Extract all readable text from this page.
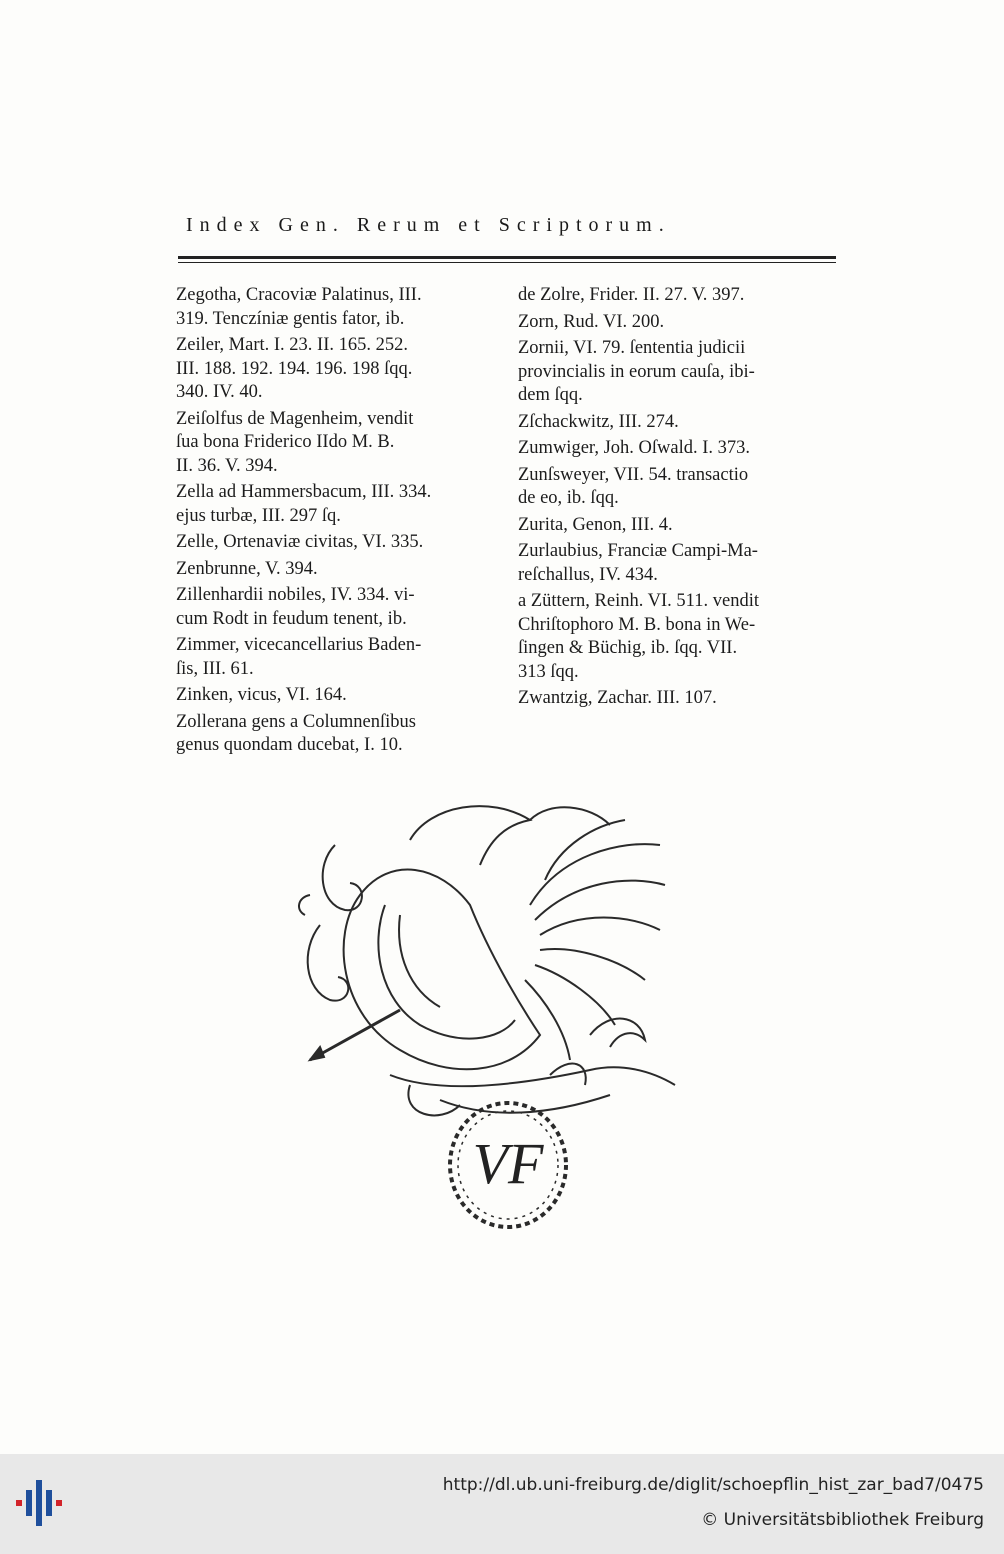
Index Gen. Rerum et Scriptorum.
Zegotha, Cracoviæ Palatinus, III.
319. Tenczíniæ gentis fator, ib.
Zeiler, Mart. I. 23. II. 165. 252.
III. 188. 192. 194. 196. 198 ſqq.
340. IV. 40.
Zeiſolfus de Magenheim, vendit
ſua bona Friderico IIdo M. B.
II. 36. V. 394.
Zella ad Hammersbacum, III. 334.
ejus turbæ, III. 297 ſq.
Zelle, Ortenaviæ civitas, VI. 335.
Zenbrunne, V. 394.
Zillenhardii nobiles, IV. 334. vi-
cum Rodt in feudum tenent, ib.
Zimmer, vicecancellarius Baden-
ſis, III. 61.
Zinken, vicus, VI. 164.
Zollerana gens a Columnenſibus
genus quondam ducebat, I. 10.
de Zolre, Frider. II. 27. V. 397.
Zorn, Rud. VI. 200.
Zornii, VI. 79. ſententia judicii
provincialis in eorum cauſa, ibi-
dem ſqq.
Zſchackwitz, III. 274.
Zumwiger, Joh. Oſwald. I. 373.
Zunſsweyer, VII. 54. transactio
de eo, ib. ſqq.
Zurita, Genon, III. 4.
Zurlaubius, Franciæ Campi-Ma-
reſchallus, IV. 434.
a Züttern, Reinh. VI. 511. vendit
Chriſtophoro M. B. bona in We-
ſingen & Büchig, ib. ſqq. VII.
313 ſqq.
Zwantzig, Zachar. III. 107.
VF
http://dl.ub.uni-freiburg.de/diglit/schoepflin_hist_zar_bad7/0475
© Universitätsbibliothek Freiburg
